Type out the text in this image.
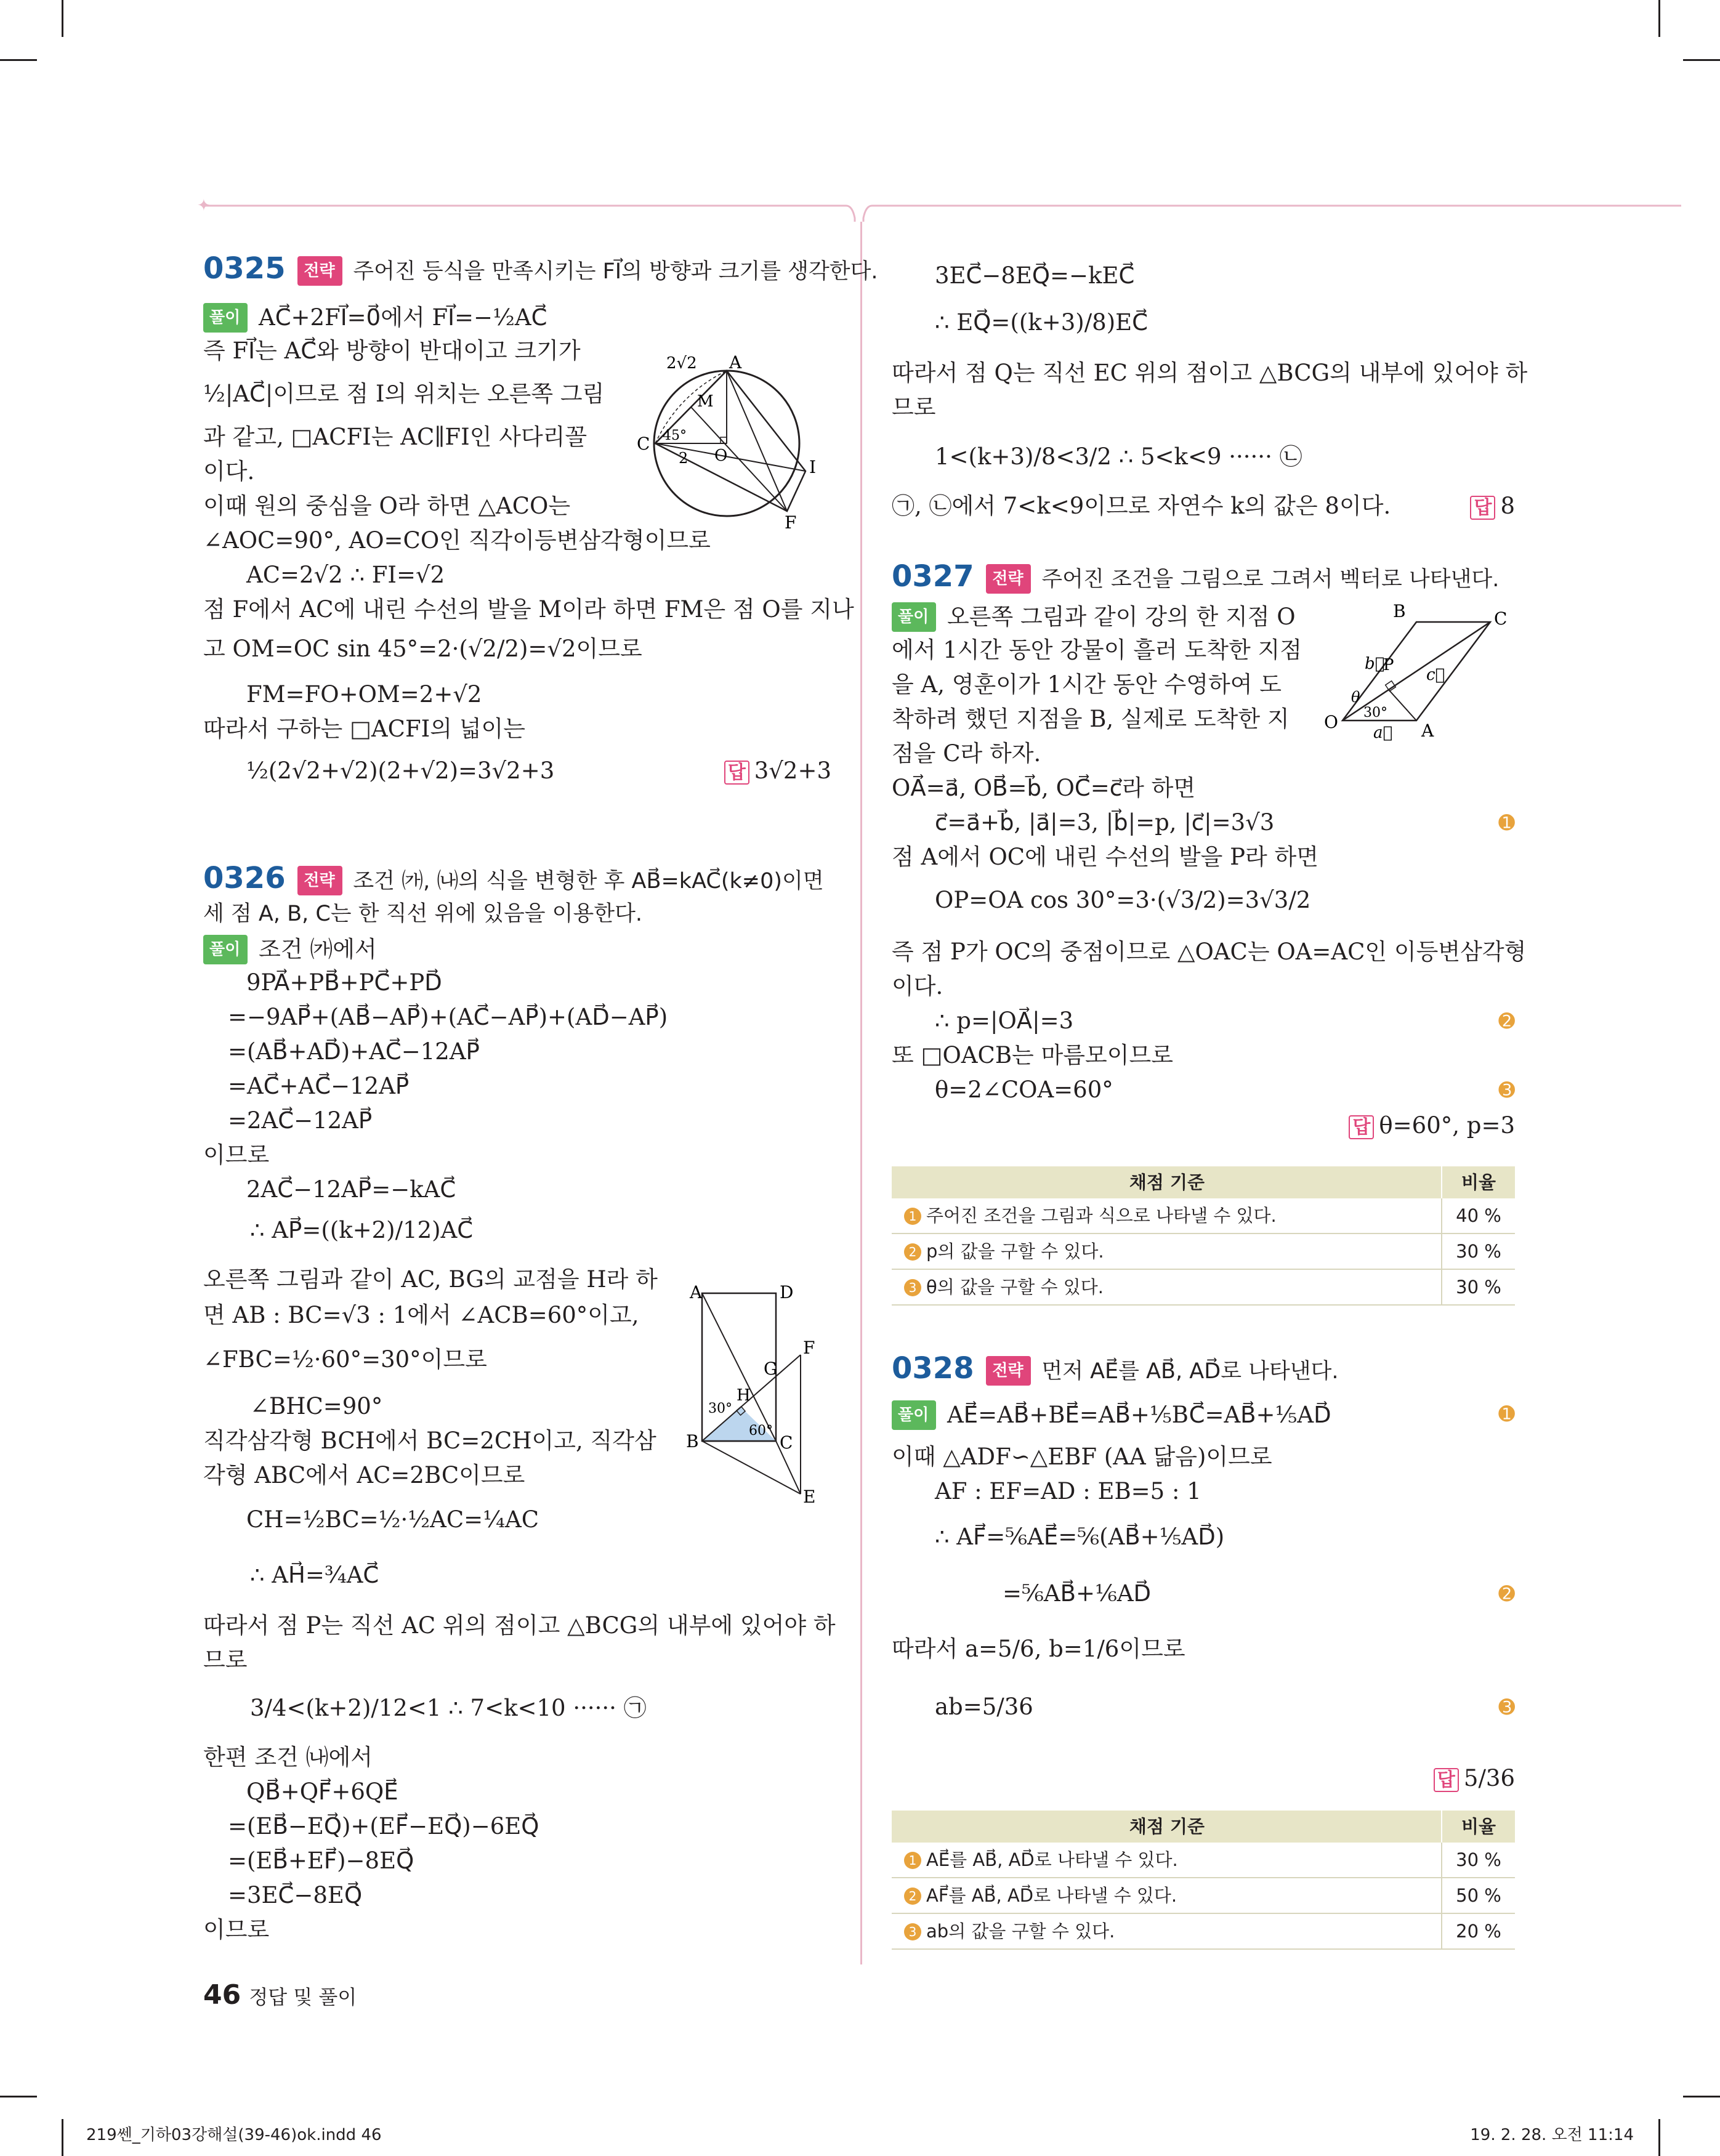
✦
0325 전략 주어진 등식을 만족시키는 FI⃗의 방향과 크기를 생각한다.
풀이 AC⃗+2FI⃗=0⃗에서 FI⃗=−½AC⃗
즉 FI⃗는 AC⃗와 방향이 반대이고 크기가
½|AC⃗|이므로 점 I의 위치는 오른쪽 그림
과 같고, □ACFI는 AC∥FI인 사다리꼴
이다.
이때 원의 중심을 O라 하면 △ACO는
∠AOC=90°, AO=CO인 직각이등변삼각형이므로
AC=2√2 ∴ FI=√2
점 F에서 AC에 내린 수선의 발을 M이라 하면 FM은 점 O를 지나
고 OM=OC sin 45°=2·(√2/2)=√2이므로
FM=FO+OM=2+√2
따라서 구하는 □ACFI의 넓이는
½(2√2+√2)(2+√2)=3√2+3	답 3√2+3
2√2 A
M
C 45°
O
2	I
F
0326 전략 조건 ㈎, ㈏의 식을 변형한 후 AB⃗=kAC⃗(k≠0)이면
세 점 A, B, C는 한 직선 위에 있음을 이용한다.
풀이 조건 ㈎에서
9PA⃗+PB⃗+PC⃗+PD⃗
=−9AP⃗+(AB⃗−AP⃗)+(AC⃗−AP⃗)+(AD⃗−AP⃗)
=(AB⃗+AD⃗)+AC⃗−12AP⃗
=AC⃗+AC⃗−12AP⃗
=2AC⃗−12AP⃗
이므로
2AC⃗−12AP⃗=−kAC⃗
∴ AP⃗=((k+2)/12)AC⃗
오른쪽 그림과 같이 AC, BG의 교점을 H라 하
면 AB : BC=√3 : 1에서 ∠ACB=60°이고,
∠FBC=½·60°=30°이므로
∠BHC=90°
직각삼각형 BCH에서 BC=2CH이고, 직각삼
각형 ABC에서 AC=2BC이므로
CH=½BC=½·½AC=¼AC
∴ AH⃗=¾AC⃗
따라서 점 P는 직선 AC 위의 점이고 △BCG의 내부에 있어야 하
므로
3/4<(k+2)/12<1 ∴ 7<k<10 ······ ㉠
한편 조건 ㈏에서
QB⃗+QF⃗+6QE⃗
=(EB⃗−EQ⃗)+(EF⃗−EQ⃗)−6EQ⃗
=(EB⃗+EF⃗)−8EQ⃗
=3EC⃗−8EQ⃗
이므로
A	D
F
G
H
30°
60°
B	C
E
3EC⃗−8EQ⃗=−kEC⃗
∴ EQ⃗=((k+3)/8)EC⃗
따라서 점 Q는 직선 EC 위의 점이고 △BCG의 내부에 있어야 하
므로
1<(k+3)/8<3/2 ∴ 5<k<9 ······ ㉡
㉠, ㉡에서 7<k<9이므로 자연수 k의 값은 8이다.	답 8
0327 전략 주어진 조건을 그림으로 그려서 벡터로 나타낸다.
풀이 오른쪽 그림과 같이 강의 한 지점 O
에서 1시간 동안 강물이 흘러 도착한 지점
을 A, 영훈이가 1시간 동안 수영하여 도
착하려 했던 지점을 B, 실제로 도착한 지
점을 C라 하자.
OA⃗=a⃗, OB⃗=b⃗, OC⃗=c⃗라 하면
c⃗=a⃗+b⃗, |a⃗|=3, |b⃗|=p, |c⃗|=3√3	➊
점 A에서 OC에 내린 수선의 발을 P라 하면
OP=OA cos 30°=3·(√3/2)=3√3/2
즉 점 P가 OC의 중점이므로 △OAC는 OA=AC인 이등변삼각형
이다.
∴ p=|OA⃗|=3	➋
또 □OACB는 마름모이므로
θ=2∠COA=60°	➌
답 θ=60°, p=3
B	C
b⃗
P
c⃗
θ
30°
O
a⃗ A
채점 기준	비율
1 주어진 조건을 그림과 식으로 나타낼 수 있다.	40 %
2 p의 값을 구할 수 있다.	30 %
3 θ의 값을 구할 수 있다.	30 %
0328 전략 먼저 AE⃗를 AB⃗, AD⃗로 나타낸다.
풀이 AE⃗=AB⃗+BE⃗=AB⃗+⅕BC⃗=AB⃗+⅕AD⃗	➊
이때 △ADF∽△EBF (AA 닮음)이므로
AF : EF=AD : EB=5 : 1
∴ AF⃗=⅚AE⃗=⅚(AB⃗+⅕AD⃗)
=⅚AB⃗+⅙AD⃗	➋
따라서 a=5/6, b=1/6이므로
ab=5/36	➌
답 5/36
채점 기준	비율
1 AE⃗를 AB⃗, AD⃗로 나타낼 수 있다.	30 %
2 AF⃗를 AB⃗, AD⃗로 나타낼 수 있다.	50 %
3 ab의 값을 구할 수 있다.	20 %
46 정답 및 풀이
219쎈_기하03강해설(39-46)ok.indd 46	19. 2. 28. 오전 11:14
